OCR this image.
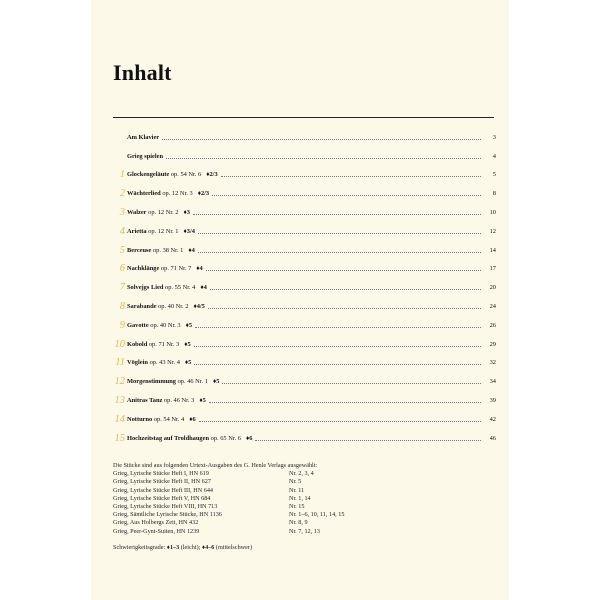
Inhalt
Am Klavier	3
Grieg spielen	4
1 Glockengeläute op. 54 Nr. 6 ♦2/3	5
2 Wächterlied op. 12 Nr. 3 ♦2/3	8
3 Walzer op. 12 Nr. 2 ♦3	10
4 Arietta op. 12 Nr. 1 ♦3/4	12
5 Berceuse op. 38 Nr. 1 ♦4	14
6 Nachklänge op. 71 Nr. 7 ♦4	17
7 Solvejgs Lied op. 55 Nr. 4 ♦4	20
8 Sarabande op. 40 Nr. 2 ♦4/5	24
9 Gavotte op. 40 Nr. 3 ♦5	26
10 Kobold op. 71 Nr. 3 ♦5	29
11 Vöglein op. 43 Nr. 4 ♦5	32
12 Morgenstimmung op. 46 Nr. 1 ♦5	34
13 Anitras Tanz op. 46 Nr. 3 ♦5	39
14 Notturno op. 54 Nr. 4 ♦6	42
15 Hochzeitstag auf Troldhaugen op. 65 Nr. 6 ♦6	46
Die Stücke sind aus folgenden Urtext-Ausgaben des G. Henle Verlags ausgewählt:
Grieg, Lyrische Stücke Heft I, HN 619	Nr. 2, 3, 4
Grieg, Lyrische Stücke Heft II, HN 627	Nr. 5
Grieg, Lyrische Stücke Heft III, HN 644	Nr. 11
Grieg, Lyrische Stücke Heft V, HN 684	Nr. 1, 14
Grieg, Lyrische Stücke Heft VIII, HN 713	Nr. 15
Grieg, Sämtliche Lyrische Stücke, HN 1136	Nr. 1–6, 10, 11, 14, 15
Grieg, Aus Holbergs Zeit, HN 432	Nr. 8, 9
Grieg, Peer-Gynt-Suiten, HN 1239	Nr. 7, 12, 13
Schwierigkeitsgrade: ♦1–3 (leicht); ♦4–6 (mittelschwer)
